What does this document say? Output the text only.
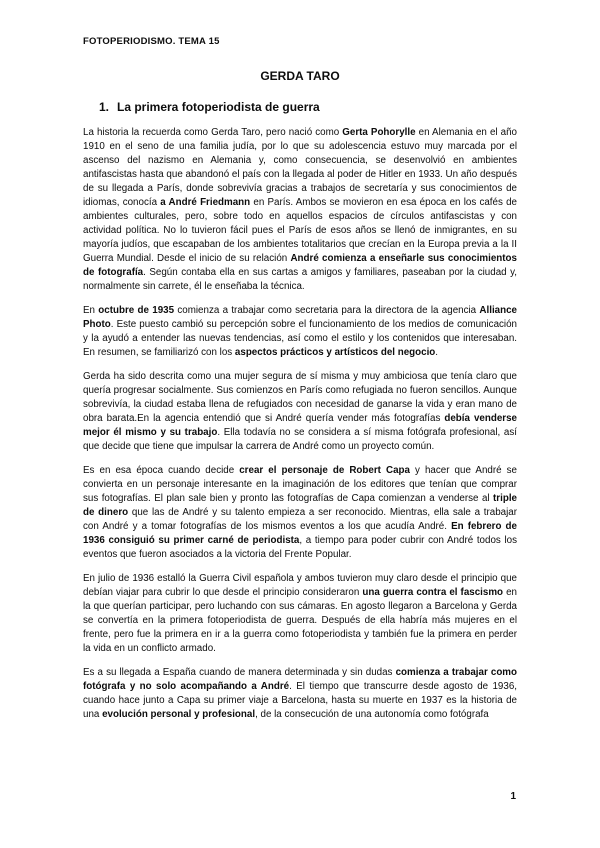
FOTOPERIODISMO. TEMA 15
GERDA TARO
1. La primera fotoperiodista de guerra

La historia la recuerda como Gerda Taro, pero nació como Gerta Pohorylle en Alemania en el año 1910 en el seno de una familia judía, por lo que su adolescencia estuvo muy marcada por el ascenso del nazismo en Alemania y, como consecuencia, se desenvolvió en ambientes antifascistas hasta que abandonó el país con la llegada al poder de Hitler en 1933. Un año después de su llegada a París, donde sobrevivía gracias a trabajos de secretaría y sus conocimientos de idiomas, conocía a André Friedmann en París. Ambos se movieron en esa época en los cafés de ambientes culturales, pero, sobre todo en aquellos espacios de círculos antifascistas y con actividad política. No lo tuvieron fácil pues el París de esos años se llenó de inmigrantes, en su mayoría judíos, que escapaban de los ambientes totalitarios que crecían en la Europa previa a la II Guerra Mundial. Desde el inicio de su relación André comienza a enseñarle sus conocimientos de fotografía. Según contaba ella en sus cartas a amigos y familiares, paseaban por la ciudad y, normalmente sin carrete, él le enseñaba la técnica.

En octubre de 1935 comienza a trabajar como secretaria para la directora de la agencia Alliance Photo. Este puesto cambió su percepción sobre el funcionamiento de los medios de comunicación y la ayudó a entender las nuevas tendencias, así como el estilo y los contenidos que interesaban. En resumen, se familiarizó con los aspectos prácticos y artísticos del negocio.

Gerda ha sido descrita como una mujer segura de sí misma y muy ambiciosa que tenía claro que quería progresar socialmente. Sus comienzos en París como refugiada no fueron sencillos. Aunque sobrevivía, la ciudad estaba llena de refugiados con necesidad de ganarse la vida y eran mano de obra barata.En la agencia entendió que si André quería vender más fotografías debía venderse mejor él mismo y su trabajo. Ella todavía no se considera a sí misma fotógrafa profesional, así que decide que tiene que impulsar la carrera de André como un proyecto común.

Es en esa época cuando decide crear el personaje de Robert Capa y hacer que André se convierta en un personaje interesante en la imaginación de los editores que tenían que comprar sus fotografías. El plan sale bien y pronto las fotografías de Capa comienzan a venderse al triple de dinero que las de André y su talento empieza a ser reconocido. Mientras, ella sale a trabajar con André y a tomar fotografías de los mismos eventos a los que acudía André. En febrero de 1936 consiguió su primer carné de periodista, a tiempo para poder cubrir con André todos los eventos que fueron asociados a la victoria del Frente Popular.

En julio de 1936 estalló la Guerra Civil española y ambos tuvieron muy claro desde el principio que debían viajar para cubrir lo que desde el principio consideraron una guerra contra el fascismo en la que querían participar, pero luchando con sus cámaras. En agosto llegaron a Barcelona y Gerda se convertía en la primera fotoperiodista de guerra. Después de ella habría más mujeres en el frente, pero fue la primera en ir a la guerra como fotoperiodista y también fue la primera en perder la vida en un conflicto armado.

Es a su llegada a España cuando de manera determinada y sin dudas comienza a trabajar como fotógrafa y no solo acompañando a André. El tiempo que transcurre desde agosto de 1936, cuando hace junto a Capa su primer viaje a Barcelona, hasta su muerte en 1937 es la historia de una evolución personal y profesional, de la consecución de una autonomía como fotógrafa

1
